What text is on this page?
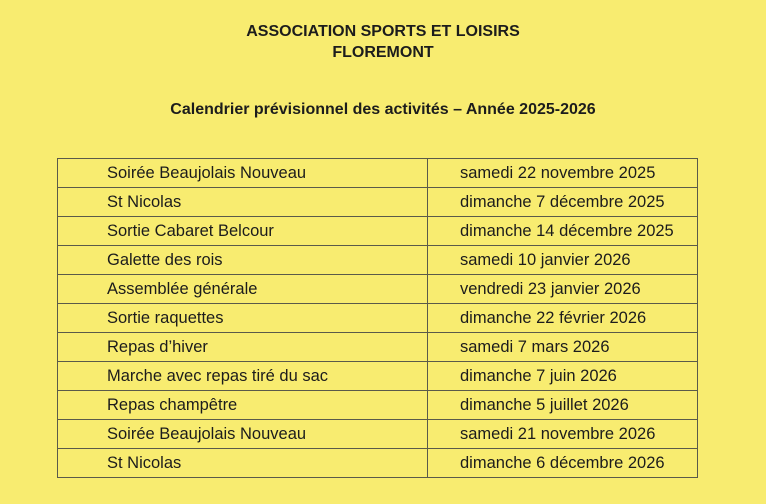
ASSOCIATION SPORTS ET LOISIRS
FLOREMONT
Calendrier prévisionnel des activités – Année 2025-2026
Soirée Beaujolais Nouveau	samedi 22 novembre 2025
St Nicolas	dimanche 7 décembre 2025
Sortie Cabaret Belcour	dimanche 14 décembre 2025
Galette des rois	samedi 10 janvier 2026
Assemblée générale	vendredi 23 janvier 2026
Sortie raquettes	dimanche 22 février 2026
Repas d’hiver	samedi 7 mars 2026
Marche avec repas tiré du sac	dimanche 7 juin 2026
Repas champêtre	dimanche 5 juillet 2026
Soirée Beaujolais Nouveau	samedi 21 novembre 2026
St Nicolas	dimanche 6 décembre 2026
